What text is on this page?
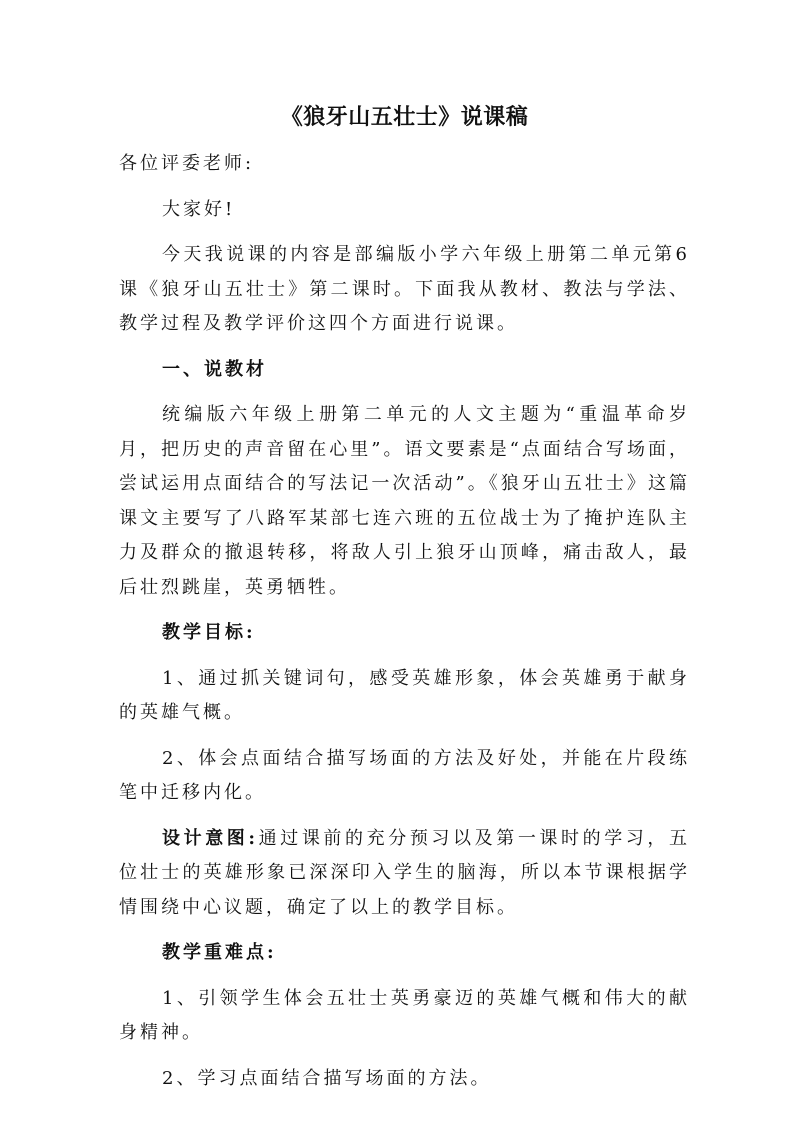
《狼牙山五壮士》说课稿

各位评委老师:

大家好!

今天我说课的内容是部编版小学六年级上册第二单元第6课《狼牙山五壮士》第二课时。下面我从教材、教法与学法、教学过程及教学评价这四个方面进行说课。

一、说教材

统编版六年级上册第二单元的人文主题为“重温革命岁月，把历史的声音留在心里”。语文要素是“点面结合写场面，尝试运用点面结合的写法记一次活动”。《狼牙山五壮士》这篇课文主要写了八路军某部七连六班的五位战士为了掩护连队主力及群众的撤退转移，将敌人引上狼牙山顶峰，痛击敌人，最后壮烈跳崖，英勇牺牲。

教学目标:

1、通过抓关键词句，感受英雄形象，体会英雄勇于献身的英雄气概。

2、体会点面结合描写场面的方法及好处，并能在片段练笔中迁移内化。

设计意图:通过课前的充分预习以及第一课时的学习，五位壮士的英雄形象已深深印入学生的脑海，所以本节课根据学情围绕中心议题，确定了以上的教学目标。

教学重难点:

1、引领学生体会五壮士英勇豪迈的英雄气概和伟大的献身精神。

2、学习点面结合描写场面的方法。
